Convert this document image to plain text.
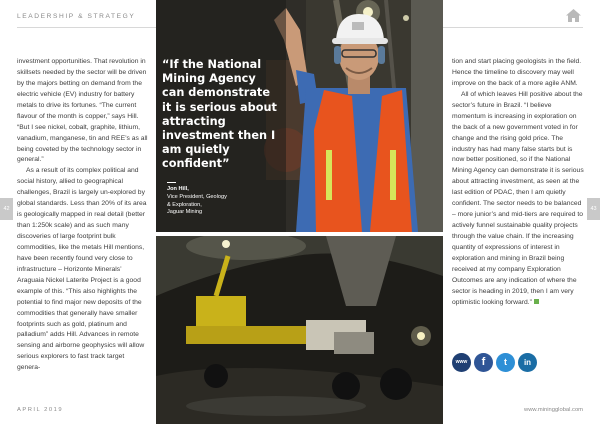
LEADERSHIP & STRATEGY
42	43

investment opportunities. That revolution in skillsets needed by the sector will be driven by the majors betting on demand from the electric vehicle (EV) industry for battery metals to drive its fortunes. “The current flavour of the month is copper,” says Hill. “But I see nickel, cobalt, graphite, lithium, vanadium, manganese, tin and REE’s as all being coveted by the technology sector in general.”

As a result of its complex political and social history, allied to geographical challenges, Brazil is largely un-explored by global standards. Less than 20% of its area is geologically mapped in real detail (better than 1:250k scale) and as such many discoveries of large footprint bulk commodities, like the metals Hill mentions, have been recently found very close to infrastructure – Horizonte Minerals’ Araguaia Nickel Laterite Project is a good example of this. “This also highlights the potential to find major new deposits of the commodities that generally have smaller footprints such as gold, platinum and palladium” adds Hill. Advances in remote sensing and airborne geophysics will allow serious explorers to fast track target genera-

“If the National Mining Agency can demonstrate it is serious about attracting investment then I am quietly confident”
Jon Hill,
Vice President, Geology
& Exploration,
Jaguar Mining

tion and start placing geologists in the field. Hence the timeline to discovery may well improve on the back of a more agile ANM.

All of which leaves Hill positive about the sector’s future in Brazil. “I believe momentum is increasing in exploration on the back of a new government voted in for change and the rising gold price. The industry has had many false starts but is now better positioned, so if the National Mining Agency can demonstrate it is serious about attracting investment, as seen at the last edition of PDAC, then I am quietly confident. The sector needs to be balanced – more junior’s and mid-tiers are required to actively funnel sustainable quality projects through the value chain. If the increasing quantity of expressions of interest in exploration and mining in Brazil being received at my company Exploration Outcomes are any indication of where the sector is heading in 2019, then I am very optimistic looking forward.”

www	f	t	in
APRIL 2019	www.miningglobal.com
